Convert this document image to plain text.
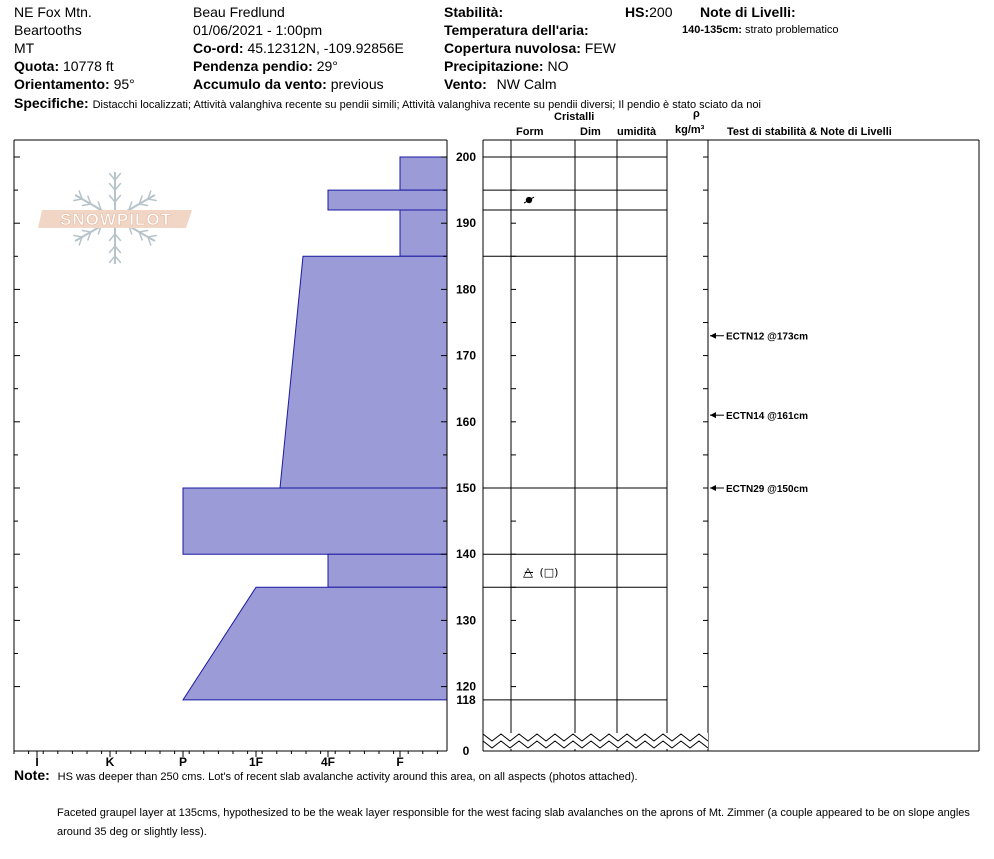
NE Fox Mtn.
Beartooths
MT
Quota: 10778 ft
Orientamento: 95°
Beau Fredlund
01/06/2021 - 1:00pm
Co-ord: 45.12312N, -109.92856E
Pendenza pendio: 29°
Accumulo da vento: previous
Stabilità:
Temperatura dell'aria:
Copertura nuvolosa: FEW
Precipitazione: NO
Vento: NW Calm
HS:200 Note di Livelli:
140-135cm: strato problematico
Specifiche: Distacchi localizzati; Attività valanghiva recente su pendii simili; Attività valanghiva recente su pendii diversi; Il pendio è stato sciato da noi
Cristalli
Form	Dim umidità
ρ
kg/m³ Test di stabilità & Note di Livelli
SNOWPILOT
I	K	P	1F	4F	F
200
190
180
170
160
150
140
130
120
118
0
△̶ (□)
ECTN12 @173cm
ECTN14 @161cm
ECTN29 @150cm
Note: HS was deeper than 250 cms. Lot's of recent slab avalanche activity around this area, on all aspects (photos attached).
Faceted graupel layer at 135cms, hypothesized to be the weak layer responsible for the west facing slab avalanches on the aprons of Mt. Zimmer (a couple appeared to be on slope angles around 35 deg or slightly less).
